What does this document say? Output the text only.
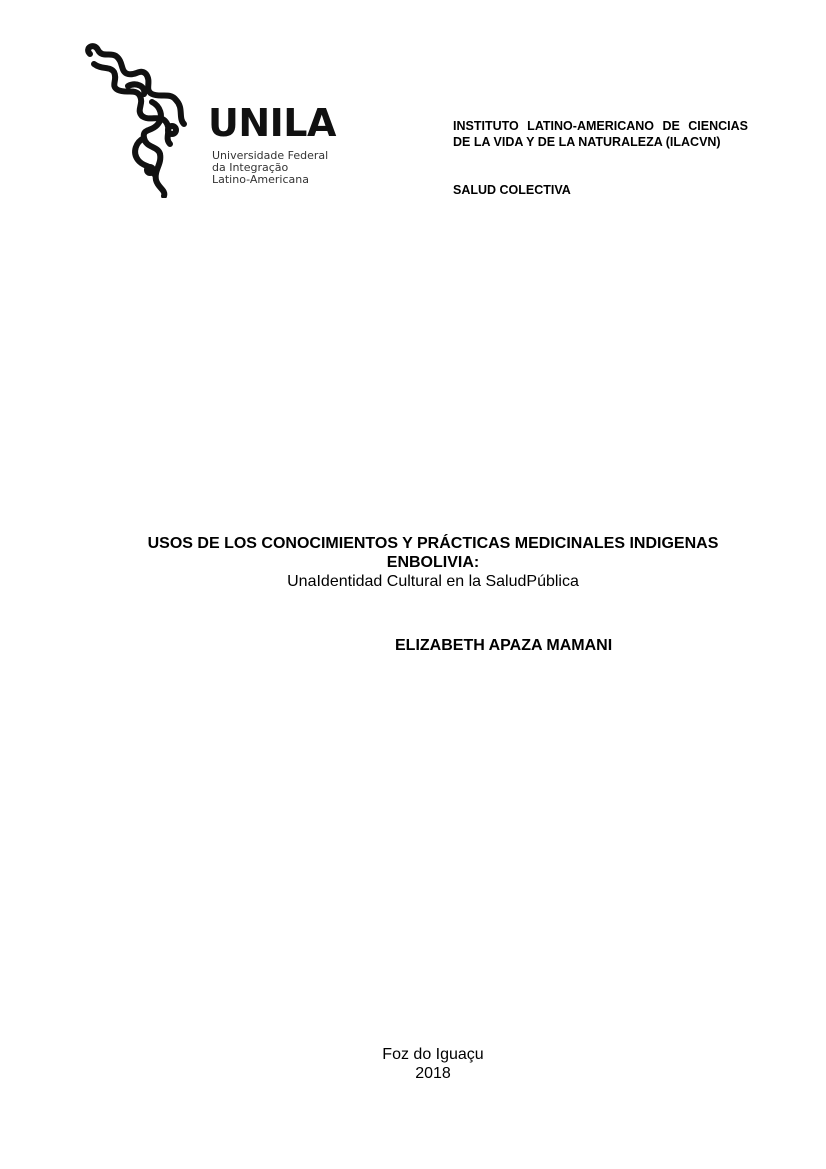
UNILA
Universidade Federal
da Integração
Latino-Americana
INSTITUTO LATINO-AMERICANO DE CIENCIAS DE LA VIDA Y DE LA NATURALEZA (ILACVN)
SALUD COLECTIVA

USOS DE LOS CONOCIMIENTOS Y PRÁCTICAS MEDICINALES INDIGENAS ENBOLIVIA:

UnaIdentidad Cultural en la SaludPública

ELIZABETH APAZA MAMANI
Foz do Iguaçu
2018
